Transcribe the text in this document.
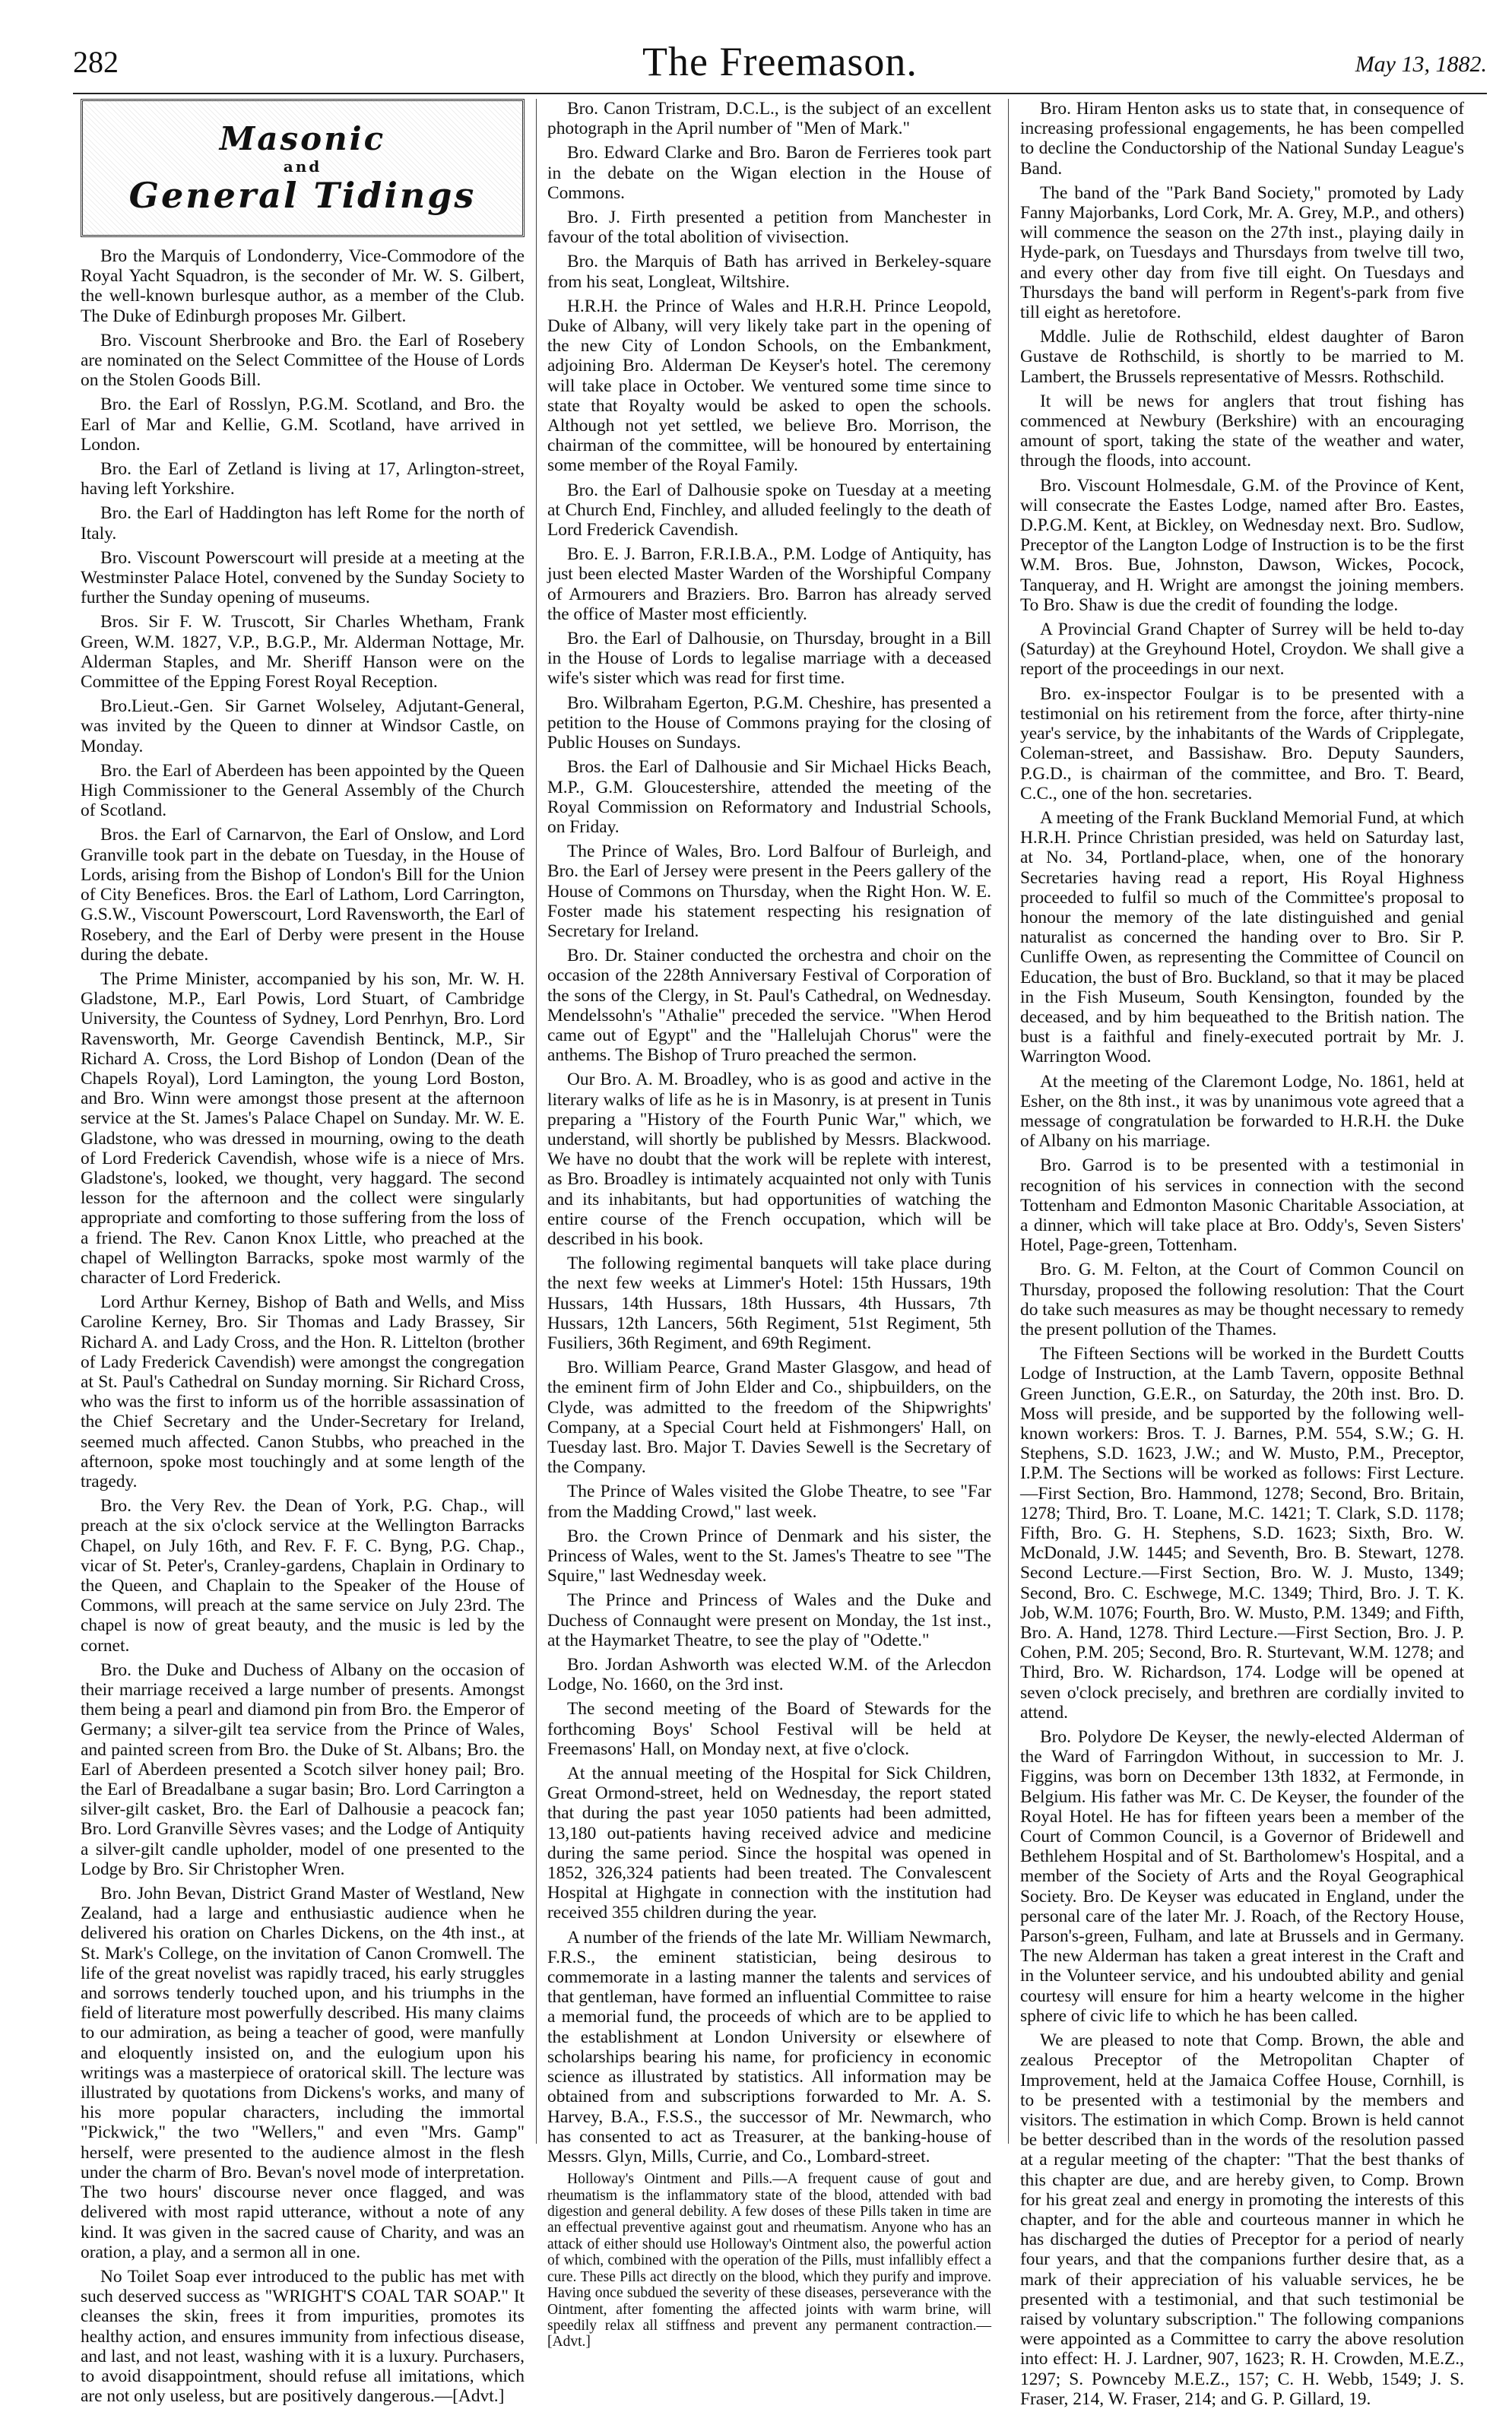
282	The Freemason.	May 13, 1882.
Masonic
and
General Tidings

Bro the Marquis of Londonderry, Vice-Commodore of the Royal Yacht Squadron, is the seconder of Mr. W. S. Gilbert, the well-known burlesque author, as a member of the Club. The Duke of Edinburgh proposes Mr. Gilbert.

Bro. Viscount Sherbrooke and Bro. the Earl of Rosebery are nominated on the Select Committee of the House of Lords on the Stolen Goods Bill.

Bro. the Earl of Rosslyn, P.G.M. Scotland, and Bro. the Earl of Mar and Kellie, G.M. Scotland, have arrived in London.

Bro. the Earl of Zetland is living at 17, Arlington-street, having left Yorkshire.

Bro. the Earl of Haddington has left Rome for the north of Italy.

Bro. Viscount Powerscourt will preside at a meeting at the Westminster Palace Hotel, convened by the Sunday Society to further the Sunday opening of museums.

Bros. Sir F. W. Truscott, Sir Charles Whetham, Frank Green, W.M. 1827, V.P., B.G.P., Mr. Alderman Nottage, Mr. Alderman Staples, and Mr. Sheriff Hanson were on the Committee of the Epping Forest Royal Reception.

Bro.Lieut.-Gen. Sir Garnet Wolseley, Adjutant-General, was invited by the Queen to dinner at Windsor Castle, on Monday.

Bro. the Earl of Aberdeen has been appointed by the Queen High Commissioner to the General Assembly of the Church of Scotland.

Bros. the Earl of Carnarvon, the Earl of Onslow, and Lord Granville took part in the debate on Tuesday, in the House of Lords, arising from the Bishop of London's Bill for the Union of City Benefices. Bros. the Earl of Lathom, Lord Carrington, G.S.W., Viscount Powerscourt, Lord Ravensworth, the Earl of Rosebery, and the Earl of Derby were present in the House during the debate.

The Prime Minister, accompanied by his son, Mr. W. H. Gladstone, M.P., Earl Powis, Lord Stuart, of Cambridge University, the Countess of Sydney, Lord Penrhyn, Bro. Lord Ravensworth, Mr. George Cavendish Bentinck, M.P., Sir Richard A. Cross, the Lord Bishop of London (Dean of the Chapels Royal), Lord Lamington, the young Lord Boston, and Bro. Winn were amongst those present at the afternoon service at the St. James's Palace Chapel on Sunday. Mr. W. E. Gladstone, who was dressed in mourning, owing to the death of Lord Frederick Cavendish, whose wife is a niece of Mrs. Gladstone's, looked, we thought, very haggard. The second lesson for the afternoon and the collect were singularly appropriate and comforting to those suffering from the loss of a friend. The Rev. Canon Knox Little, who preached at the chapel of Wellington Barracks, spoke most warmly of the character of Lord Frederick.

Lord Arthur Kerney, Bishop of Bath and Wells, and Miss Caroline Kerney, Bro. Sir Thomas and Lady Brassey, Sir Richard A. and Lady Cross, and the Hon. R. Littelton (brother of Lady Frederick Cavendish) were amongst the congregation at St. Paul's Cathedral on Sunday morning. Sir Richard Cross, who was the first to inform us of the horrible assassination of the Chief Secretary and the Under-Secretary for Ireland, seemed much affected. Canon Stubbs, who preached in the afternoon, spoke most touchingly and at some length of the tragedy.

Bro. the Very Rev. the Dean of York, P.G. Chap., will preach at the six o'clock service at the Wellington Barracks Chapel, on July 16th, and Rev. F. F. C. Byng, P.G. Chap., vicar of St. Peter's, Cranley-gardens, Chaplain in Ordinary to the Queen, and Chaplain to the Speaker of the House of Commons, will preach at the same service on July 23rd. The chapel is now of great beauty, and the music is led by the cornet.

Bro. the Duke and Duchess of Albany on the occasion of their marriage received a large number of presents. Amongst them being a pearl and diamond pin from Bro. the Emperor of Germany; a silver-gilt tea service from the Prince of Wales, and painted screen from Bro. the Duke of St. Albans; Bro. the Earl of Aberdeen presented a Scotch silver honey pail; Bro. the Earl of Breadalbane a sugar basin; Bro. Lord Carrington a silver-gilt casket, Bro. the Earl of Dalhousie a peacock fan; Bro. Lord Granville Sèvres vases; and the Lodge of Antiquity a silver-gilt candle upholder, model of one presented to the Lodge by Bro. Sir Christopher Wren.

Bro. John Bevan, District Grand Master of Westland, New Zealand, had a large and enthusiastic audience when he delivered his oration on Charles Dickens, on the 4th inst., at St. Mark's College, on the invitation of Canon Cromwell. The life of the great novelist was rapidly traced, his early struggles and sorrows tenderly touched upon, and his triumphs in the field of literature most powerfully described. His many claims to our admiration, as being a teacher of good, were manfully and eloquently insisted on, and the eulogium upon his writings was a masterpiece of oratorical skill. The lecture was illustrated by quotations from Dickens's works, and many of his more popular characters, including the immortal "Pickwick," the two "Wellers," and even "Mrs. Gamp" herself, were presented to the audience almost in the flesh under the charm of Bro. Bevan's novel mode of interpretation. The two hours' discourse never once flagged, and was delivered with most rapid utterance, without a note of any kind. It was given in the sacred cause of Charity, and was an oration, a play, and a sermon all in one.

No Toilet Soap ever introduced to the public has met with such deserved success as "WRIGHT'S COAL TAR SOAP." It cleanses the skin, frees it from impurities, promotes its healthy action, and ensures immunity from infectious disease, and last, and not least, washing with it is a luxury. Purchasers, to avoid disappointment, should refuse all imitations, which are not only useless, but are positively dangerous.—[Advt.]

Bro. Canon Tristram, D.C.L., is the subject of an excellent photograph in the April number of "Men of Mark."

Bro. Edward Clarke and Bro. Baron de Ferrieres took part in the debate on the Wigan election in the House of Commons.

Bro. J. Firth presented a petition from Manchester in favour of the total abolition of vivisection.

Bro. the Marquis of Bath has arrived in Berkeley-square from his seat, Longleat, Wiltshire.

H.R.H. the Prince of Wales and H.R.H. Prince Leopold, Duke of Albany, will very likely take part in the opening of the new City of London Schools, on the Embankment, adjoining Bro. Alderman De Keyser's hotel. The ceremony will take place in October. We ventured some time since to state that Royalty would be asked to open the schools. Although not yet settled, we believe Bro. Morrison, the chairman of the committee, will be honoured by entertaining some member of the Royal Family.

Bro. the Earl of Dalhousie spoke on Tuesday at a meeting at Church End, Finchley, and alluded feelingly to the death of Lord Frederick Cavendish.

Bro. E. J. Barron, F.R.I.B.A., P.M. Lodge of Antiquity, has just been elected Master Warden of the Worshipful Company of Armourers and Braziers. Bro. Barron has already served the office of Master most efficiently.

Bro. the Earl of Dalhousie, on Thursday, brought in a Bill in the House of Lords to legalise marriage with a deceased wife's sister which was read for first time.

Bro. Wilbraham Egerton, P.G.M. Cheshire, has presented a petition to the House of Commons praying for the closing of Public Houses on Sundays.

Bros. the Earl of Dalhousie and Sir Michael Hicks Beach, M.P., G.M. Gloucestershire, attended the meeting of the Royal Commission on Reformatory and Industrial Schools, on Friday.

The Prince of Wales, Bro. Lord Balfour of Burleigh, and Bro. the Earl of Jersey were present in the Peers gallery of the House of Commons on Thursday, when the Right Hon. W. E. Foster made his statement respecting his resignation of Secretary for Ireland.

Bro. Dr. Stainer conducted the orchestra and choir on the occasion of the 228th Anniversary Festival of Corporation of the sons of the Clergy, in St. Paul's Cathedral, on Wednesday. Mendelssohn's "Athalie" preceded the service. "When Herod came out of Egypt" and the "Hallelujah Chorus" were the anthems. The Bishop of Truro preached the sermon.

Our Bro. A. M. Broadley, who is as good and active in the literary walks of life as he is in Masonry, is at present in Tunis preparing a "History of the Fourth Punic War," which, we understand, will shortly be published by Messrs. Blackwood. We have no doubt that the work will be replete with interest, as Bro. Broadley is intimately acquainted not only with Tunis and its inhabitants, but had opportunities of watching the entire course of the French occupation, which will be described in his book.

The following regimental banquets will take place during the next few weeks at Limmer's Hotel: 15th Hussars, 19th Hussars, 14th Hussars, 18th Hussars, 4th Hussars, 7th Hussars, 12th Lancers, 56th Regiment, 51st Regiment, 5th Fusiliers, 36th Regiment, and 69th Regiment.

Bro. William Pearce, Grand Master Glasgow, and head of the eminent firm of John Elder and Co., shipbuilders, on the Clyde, was admitted to the freedom of the Shipwrights' Company, at a Special Court held at Fishmongers' Hall, on Tuesday last. Bro. Major T. Davies Sewell is the Secretary of the Company.

The Prince of Wales visited the Globe Theatre, to see "Far from the Madding Crowd," last week.

Bro. the Crown Prince of Denmark and his sister, the Princess of Wales, went to the St. James's Theatre to see "The Squire," last Wednesday week.

The Prince and Princess of Wales and the Duke and Duchess of Connaught were present on Monday, the 1st inst., at the Haymarket Theatre, to see the play of "Odette."

Bro. Jordan Ashworth was elected W.M. of the Arlecdon Lodge, No. 1660, on the 3rd inst.

The second meeting of the Board of Stewards for the forthcoming Boys' School Festival will be held at Freemasons' Hall, on Monday next, at five o'clock.

At the annual meeting of the Hospital for Sick Children, Great Ormond-street, held on Wednesday, the report stated that during the past year 1050 patients had been admitted, 13,180 out-patients having received advice and medicine during the same period. Since the hospital was opened in 1852, 326,324 patients had been treated. The Convalescent Hospital at Highgate in connection with the institution had received 355 children during the year.

A number of the friends of the late Mr. William Newmarch, F.R.S., the eminent statistician, being desirous to commemorate in a lasting manner the talents and services of that gentleman, have formed an influential Committee to raise a memorial fund, the proceeds of which are to be applied to the establishment at London University or elsewhere of scholarships bearing his name, for proficiency in economic science as illustrated by statistics. All information may be obtained from and subscriptions forwarded to Mr. A. S. Harvey, B.A., F.S.S., the successor of Mr. Newmarch, who has consented to act as Treasurer, at the banking-house of Messrs. Glyn, Mills, Currie, and Co., Lombard-street.

Holloway's Ointment and Pills.—A frequent cause of gout and rheumatism is the inflammatory state of the blood, attended with bad digestion and general debility. A few doses of these Pills taken in time are an effectual preventive against gout and rheumatism. Anyone who has an attack of either should use Holloway's Ointment also, the powerful action of which, combined with the operation of the Pills, must infallibly effect a cure. These Pills act directly on the blood, which they purify and improve. Having once subdued the severity of these diseases, perseverance with the Ointment, after fomenting the affected joints with warm brine, will speedily relax all stiffness and prevent any permanent contraction.—[Advt.]

Bro. Hiram Henton asks us to state that, in consequence of increasing professional engagements, he has been compelled to decline the Conductorship of the National Sunday League's Band.

The band of the "Park Band Society," promoted by Lady Fanny Majorbanks, Lord Cork, Mr. A. Grey, M.P., and others) will commence the season on the 27th inst., playing daily in Hyde-park, on Tuesdays and Thursdays from twelve till two, and every other day from five till eight. On Tuesdays and Thursdays the band will perform in Regent's-park from five till eight as heretofore.

Mddle. Julie de Rothschild, eldest daughter of Baron Gustave de Rothschild, is shortly to be married to M. Lambert, the Brussels representative of Messrs. Rothschild.

It will be news for anglers that trout fishing has commenced at Newbury (Berkshire) with an encouraging amount of sport, taking the state of the weather and water, through the floods, into account.

Bro. Viscount Holmesdale, G.M. of the Province of Kent, will consecrate the Eastes Lodge, named after Bro. Eastes, D.P.G.M. Kent, at Bickley, on Wednesday next. Bro. Sudlow, Preceptor of the Langton Lodge of Instruction is to be the first W.M. Bros. Bue, Johnston, Dawson, Wickes, Pocock, Tanqueray, and H. Wright are amongst the joining members. To Bro. Shaw is due the credit of founding the lodge.

A Provincial Grand Chapter of Surrey will be held to-day (Saturday) at the Greyhound Hotel, Croydon. We shall give a report of the proceedings in our next.

Bro. ex-inspector Foulgar is to be presented with a testimonial on his retirement from the force, after thirty-nine year's service, by the inhabitants of the Wards of Cripplegate, Coleman-street, and Bassishaw. Bro. Deputy Saunders, P.G.D., is chairman of the committee, and Bro. T. Beard, C.C., one of the hon. secretaries.

A meeting of the Frank Buckland Memorial Fund, at which H.R.H. Prince Christian presided, was held on Saturday last, at No. 34, Portland-place, when, one of the honorary Secretaries having read a report, His Royal Highness proceeded to fulfil so much of the Committee's proposal to honour the memory of the late distinguished and genial naturalist as concerned the handing over to Bro. Sir P. Cunliffe Owen, as representing the Committee of Council on Education, the bust of Bro. Buckland, so that it may be placed in the Fish Museum, South Kensington, founded by the deceased, and by him bequeathed to the British nation. The bust is a faithful and finely-executed portrait by Mr. J. Warrington Wood.

At the meeting of the Claremont Lodge, No. 1861, held at Esher, on the 8th inst., it was by unanimous vote agreed that a message of congratulation be forwarded to H.R.H. the Duke of Albany on his marriage.

Bro. Garrod is to be presented with a testimonial in recognition of his services in connection with the second Tottenham and Edmonton Masonic Charitable Association, at a dinner, which will take place at Bro. Oddy's, Seven Sisters' Hotel, Page-green, Tottenham.

Bro. G. M. Felton, at the Court of Common Council on Thursday, proposed the following resolution: That the Court do take such measures as may be thought necessary to remedy the present pollution of the Thames.

The Fifteen Sections will be worked in the Burdett Coutts Lodge of Instruction, at the Lamb Tavern, opposite Bethnal Green Junction, G.E.R., on Saturday, the 20th inst. Bro. D. Moss will preside, and be supported by the following well-known workers: Bros. T. J. Barnes, P.M. 554, S.W.; G. H. Stephens, S.D. 1623, J.W.; and W. Musto, P.M., Preceptor, I.P.M. The Sections will be worked as follows: First Lecture.—First Section, Bro. Hammond, 1278; Second, Bro. Britain, 1278; Third, Bro. T. Loane, M.C. 1421; T. Clark, S.D. 1178; Fifth, Bro. G. H. Stephens, S.D. 1623; Sixth, Bro. W. McDonald, J.W. 1445; and Seventh, Bro. B. Stewart, 1278. Second Lecture.—First Section, Bro. W. J. Musto, 1349; Second, Bro. C. Eschwege, M.C. 1349; Third, Bro. J. T. K. Job, W.M. 1076; Fourth, Bro. W. Musto, P.M. 1349; and Fifth, Bro. A. Hand, 1278. Third Lecture.—First Section, Bro. J. P. Cohen, P.M. 205; Second, Bro. R. Sturtevant, W.M. 1278; and Third, Bro. W. Richardson, 174. Lodge will be opened at seven o'clock precisely, and brethren are cordially invited to attend.

Bro. Polydore De Keyser, the newly-elected Alderman of the Ward of Farringdon Without, in succession to Mr. J. Figgins, was born on December 13th 1832, at Fermonde, in Belgium. His father was Mr. C. De Keyser, the founder of the Royal Hotel. He has for fifteen years been a member of the Court of Common Council, is a Governor of Bridewell and Bethlehem Hospital and of St. Bartholomew's Hospital, and a member of the Society of Arts and the Royal Geographical Society. Bro. De Keyser was educated in England, under the personal care of the later Mr. J. Roach, of the Rectory House, Parson's-green, Fulham, and late at Brussels and in Germany. The new Alderman has taken a great interest in the Craft and in the Volunteer service, and his undoubted ability and genial courtesy will ensure for him a hearty welcome in the higher sphere of civic life to which he has been called.

We are pleased to note that Comp. Brown, the able and zealous Preceptor of the Metropolitan Chapter of Improvement, held at the Jamaica Coffee House, Cornhill, is to be presented with a testimonial by the members and visitors. The estimation in which Comp. Brown is held cannot be better described than in the words of the resolution passed at a regular meeting of the chapter: "That the best thanks of this chapter are due, and are hereby given, to Comp. Brown for his great zeal and energy in promoting the interests of this chapter, and for the able and courteous manner in which he has discharged the duties of Preceptor for a period of nearly four years, and that the companions further desire that, as a mark of their appreciation of his valuable services, he be presented with a testimonial, and that such testimonial be raised by voluntary subscription." The following companions were appointed as a Committee to carry the above resolution into effect: H. J. Lardner, 907, 1623; R. H. Crowden, M.E.Z., 1297; S. Pownceby M.E.Z., 157; C. H. Webb, 1549; J. S. Fraser, 214, W. Fraser, 214; and G. P. Gillard, 19.
